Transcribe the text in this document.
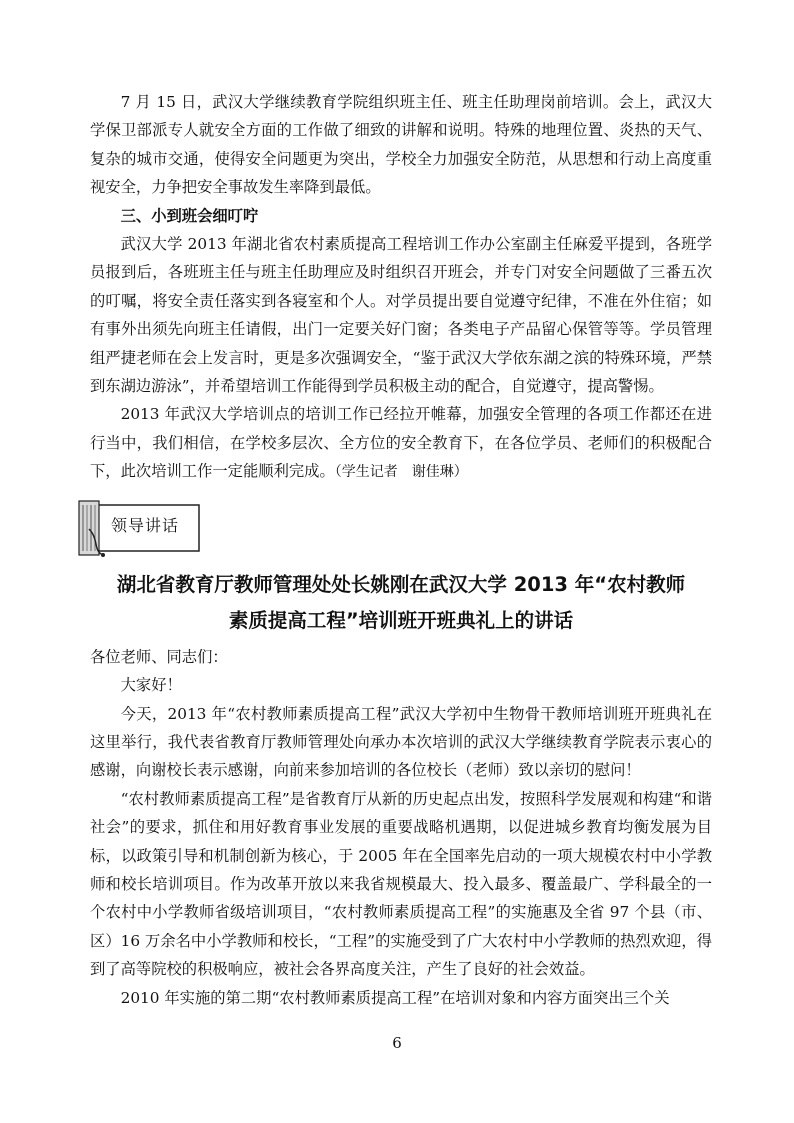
7 月 15 日，武汉大学继续教育学院组织班主任、班主任助理岗前培训。会上，武汉大学保卫部派专人就安全方面的工作做了细致的讲解和说明。特殊的地理位置、炎热的天气、复杂的城市交通，使得安全问题更为突出，学校全力加强安全防范，从思想和行动上高度重视安全，力争把安全事故发生率降到最低。

三、小到班会细叮咛

武汉大学 2013 年湖北省农村素质提高工程培训工作办公室副主任麻爱平提到，各班学员报到后，各班班主任与班主任助理应及时组织召开班会，并专门对安全问题做了三番五次的叮嘱，将安全责任落实到各寝室和个人。对学员提出要自觉遵守纪律，不准在外住宿；如有事外出须先向班主任请假，出门一定要关好门窗；各类电子产品留心保管等等。学员管理组严捷老师在会上发言时，更是多次强调安全，“鉴于武汉大学依东湖之滨的特殊环境，严禁到东湖边游泳”，并希望培训工作能得到学员积极主动的配合，自觉遵守，提高警惕。

2013 年武汉大学培训点的培训工作已经拉开帷幕，加强安全管理的各项工作都还在进行当中，我们相信，在学校多层次、全方位的安全教育下，在各位学员、老师们的积极配合下，此次培训工作一定能顺利完成。（学生记者　谢佳琳）

领导讲话
湖北省教育厅教师管理处处长姚刚在武汉大学 2013 年“农村教师
素质提高工程”培训班开班典礼上的讲话

各位老师、同志们：

大家好！

今天，2013 年“农村教师素质提高工程”武汉大学初中生物骨干教师培训班开班典礼在这里举行，我代表省教育厅教师管理处向承办本次培训的武汉大学继续教育学院表示衷心的感谢，向谢校长表示感谢，向前来参加培训的各位校长（老师）致以亲切的慰问！

“农村教师素质提高工程”是省教育厅从新的历史起点出发，按照科学发展观和构建“和谐社会”的要求，抓住和用好教育事业发展的重要战略机遇期，以促进城乡教育均衡发展为目标，以政策引导和机制创新为核心，于 2005 年在全国率先启动的一项大规模农村中小学教师和校长培训项目。作为改革开放以来我省规模最大、投入最多、覆盖最广、学科最全的一个农村中小学教师省级培训项目，“农村教师素质提高工程”的实施惠及全省 97 个县（市、区）16 万余名中小学教师和校长，“工程”的实施受到了广大农村中小学教师的热烈欢迎，得到了高等院校的积极响应，被社会各界高度关注，产生了良好的社会效益。

2010 年实施的第二期“农村教师素质提高工程”在培训对象和内容方面突出三个关

6
